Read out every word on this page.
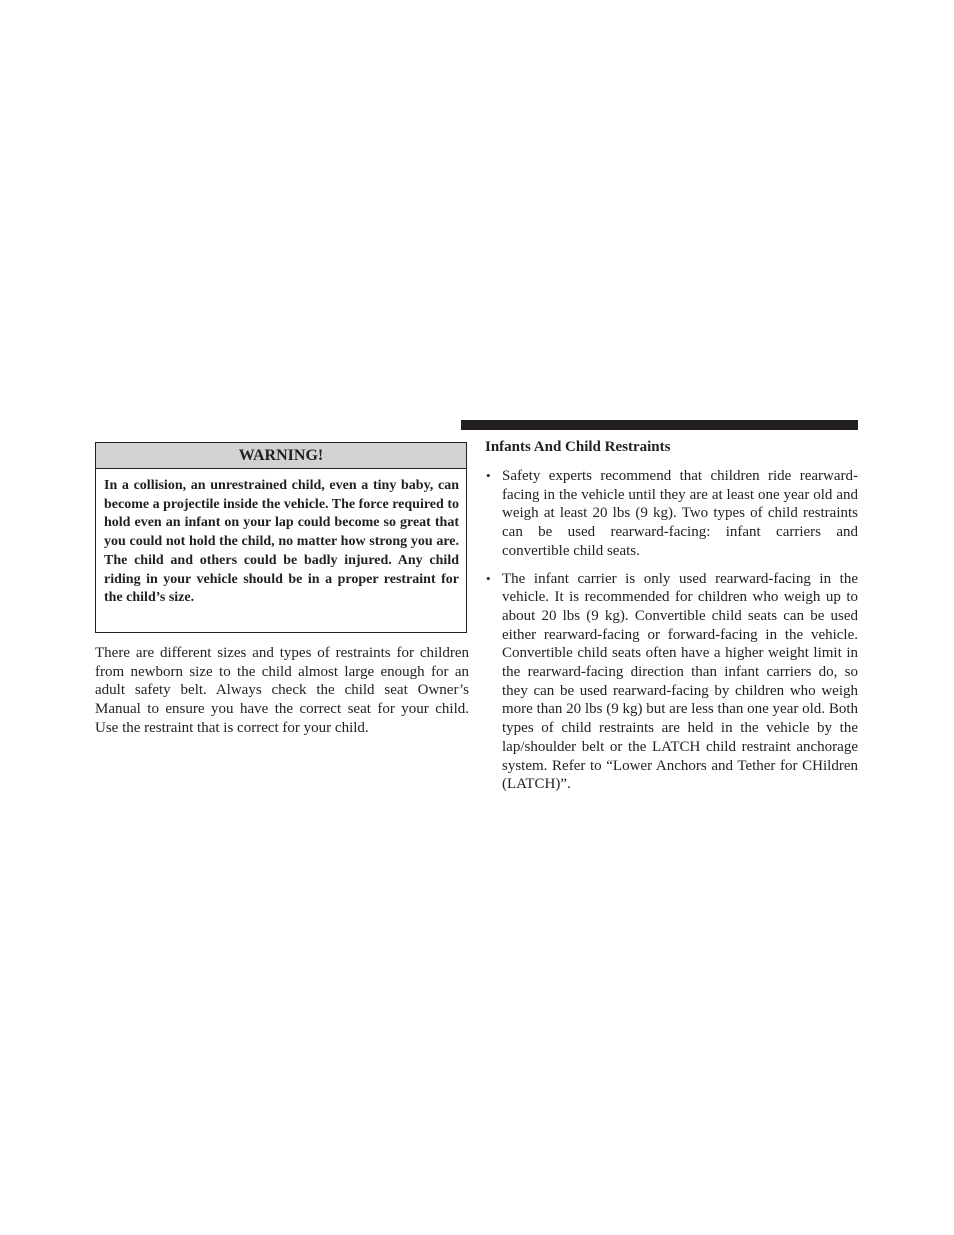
WARNING!
In a collision, an unrestrained child, even a tiny baby, can become a projectile inside the vehicle. The force required to hold even an infant on your lap could become so great that you could not hold the child, no matter how strong you are. The child and others could be badly injured. Any child riding in your vehicle should be in a proper restraint for the child’s size.
There are different sizes and types of restraints for children from newborn size to the child almost large enough for an adult safety belt. Always check the child seat Owner’s Manual to ensure you have the correct seat for your child. Use the restraint that is correct for your child.
Infants And Child Restraints
• Safety experts recommend that children ride rearward-facing in the vehicle until they are at least one year old and weigh at least 20 lbs (9 kg). Two types of child restraints can be used rearward-facing: infant carriers and convertible child seats.
• The infant carrier is only used rearward-facing in the vehicle. It is recommended for children who weigh up to about 20 lbs (9 kg). Convertible child seats can be used either rearward-facing or forward-facing in the vehicle. Convertible child seats often have a higher weight limit in the rearward-facing direction than infant carriers do, so they can be used rearward-facing by children who weigh more than 20 lbs (9 kg) but are less than one year old. Both types of child restraints are held in the vehicle by the lap/shoulder belt or the LATCH child restraint anchorage system. Refer to “Lower Anchors and Tether for CHildren (LATCH)”.
